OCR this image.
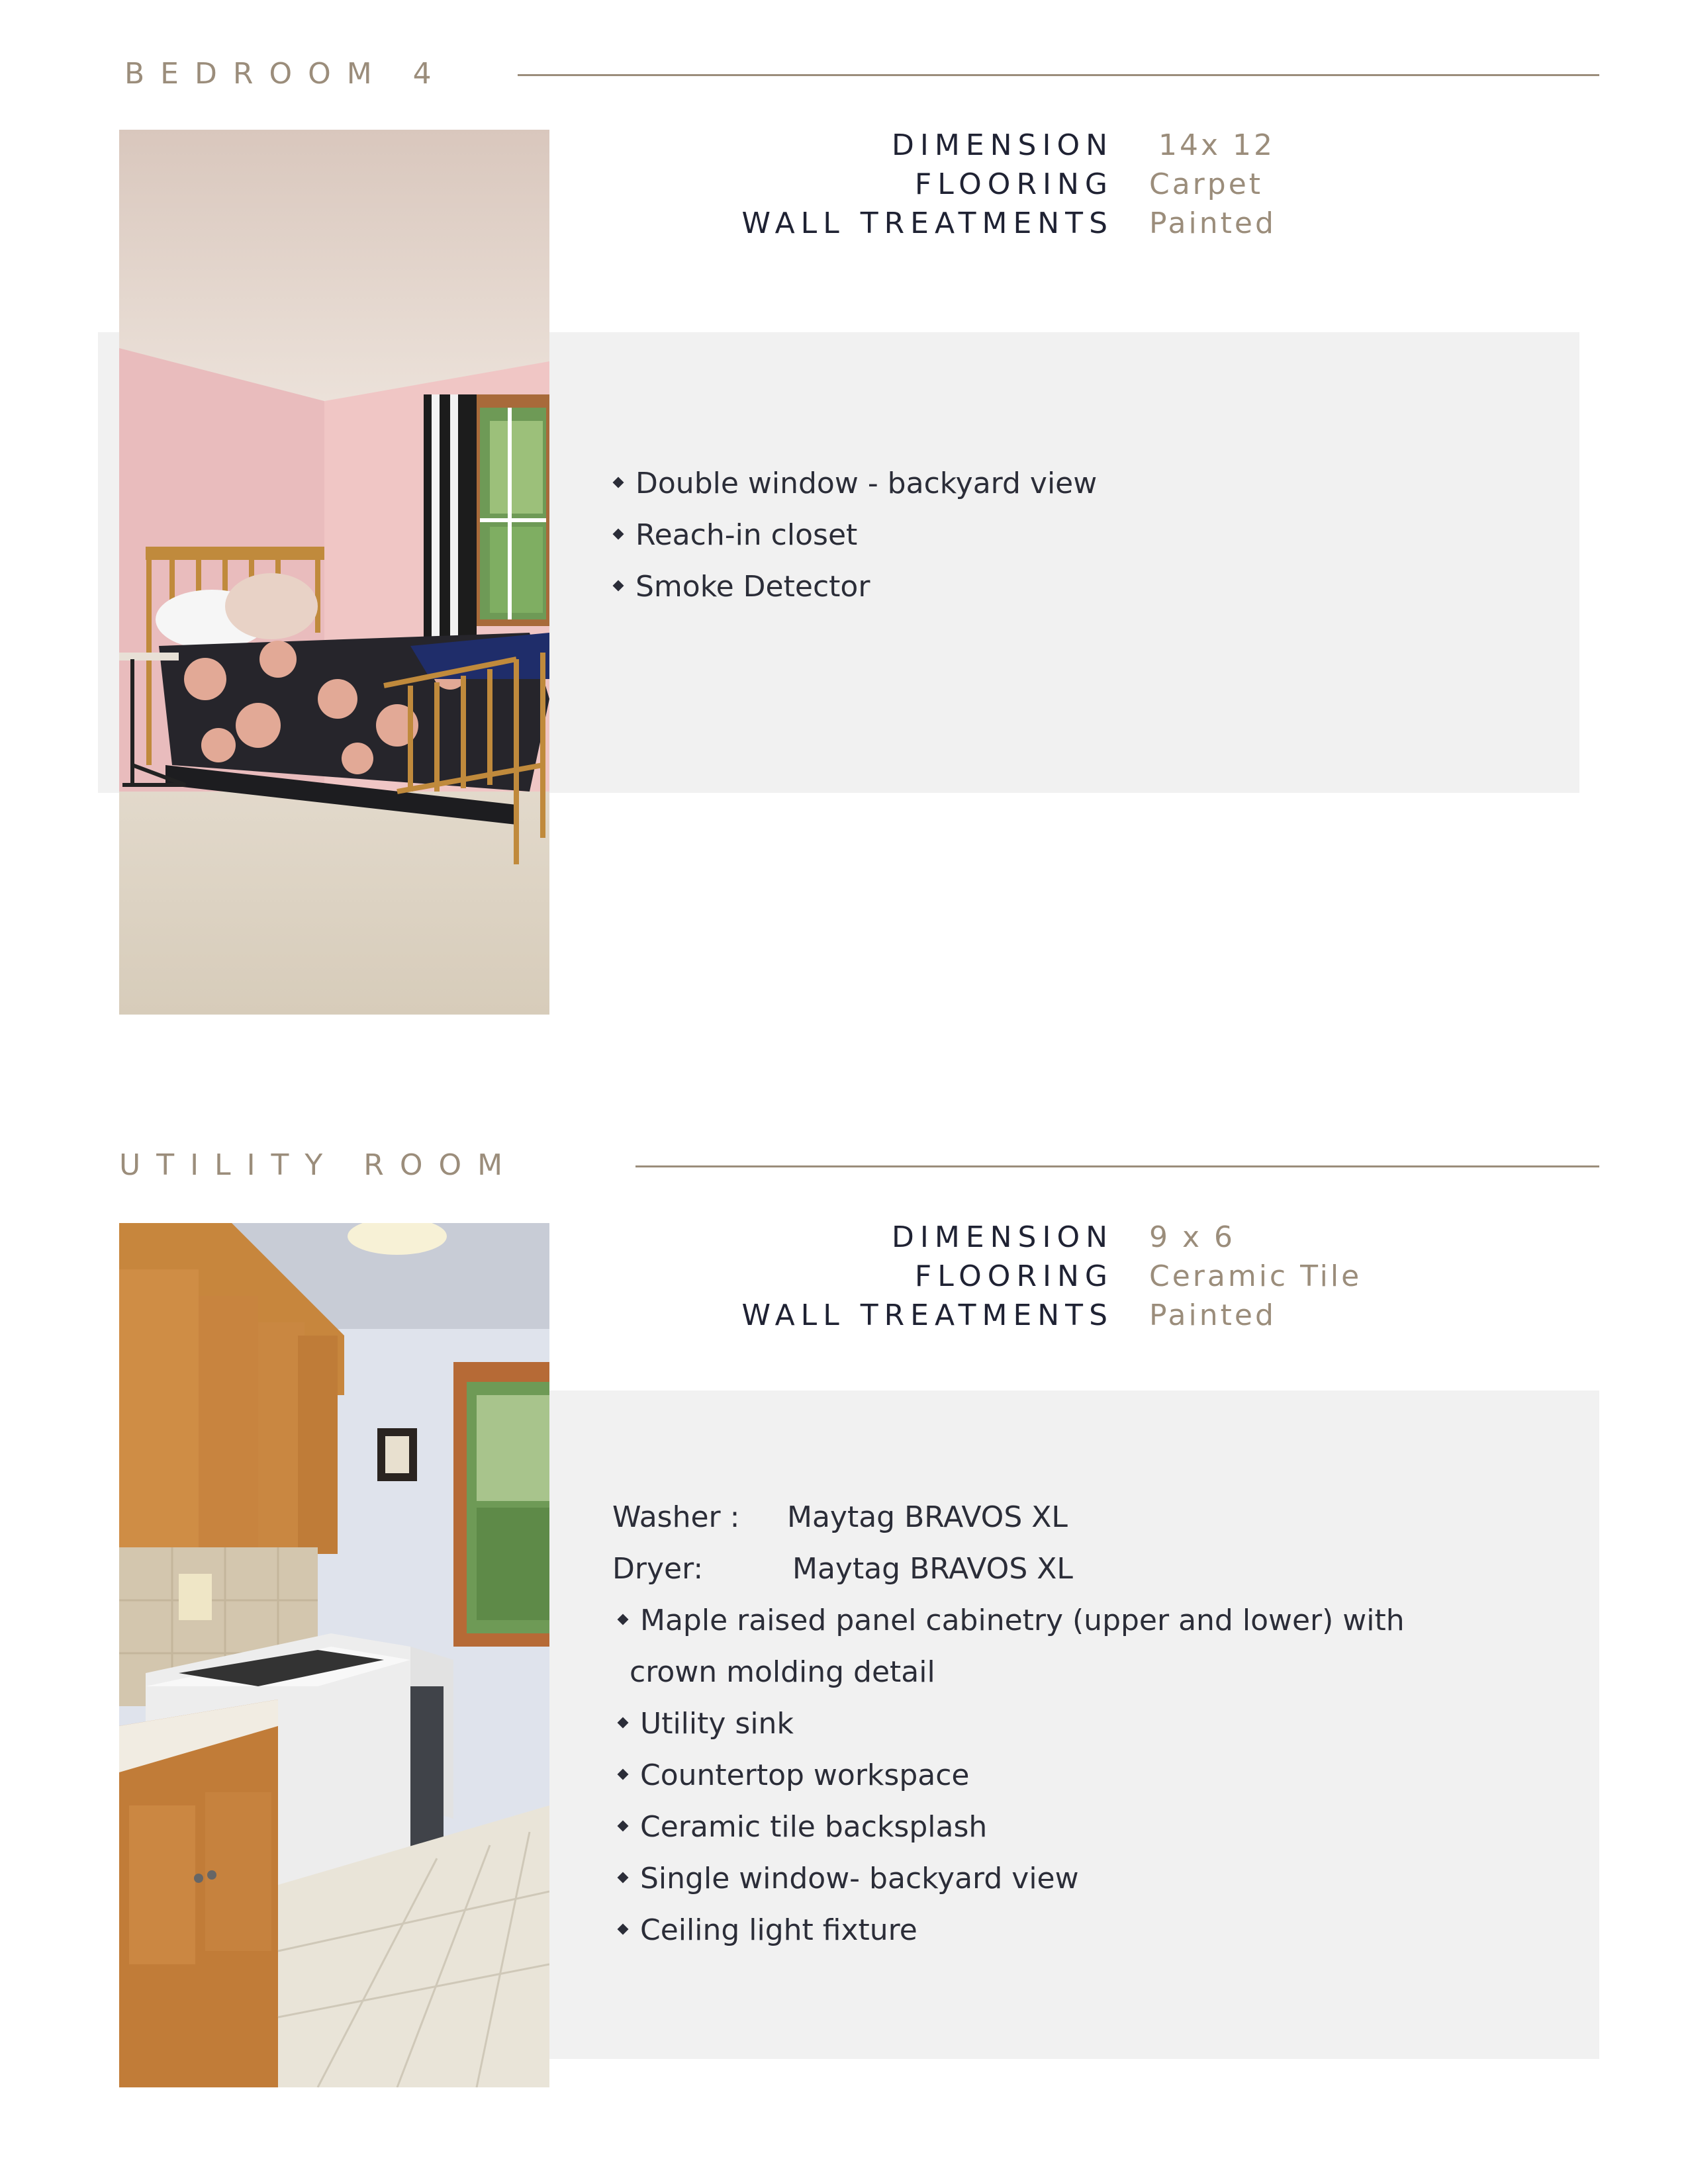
BEDROOM 4
DIMENSION
FLOORING
WALL TREATMENTS
14x 12
Carpet
Painted
Double window - backyard view
Reach-in closet
Smoke Detector
UTILITY ROOM
DIMENSION
FLOORING
WALL TREATMENTS
9 x 6
Ceramic Tile
Painted
Washer : Maytag BRAVOS XL
Dryer:	Maytag BRAVOS XL
Maple raised panel cabinetry (upper and lower) with
crown molding detail
Utility sink
Countertop workspace
Ceramic tile backsplash
Single window- backyard view
Ceiling light fixture
